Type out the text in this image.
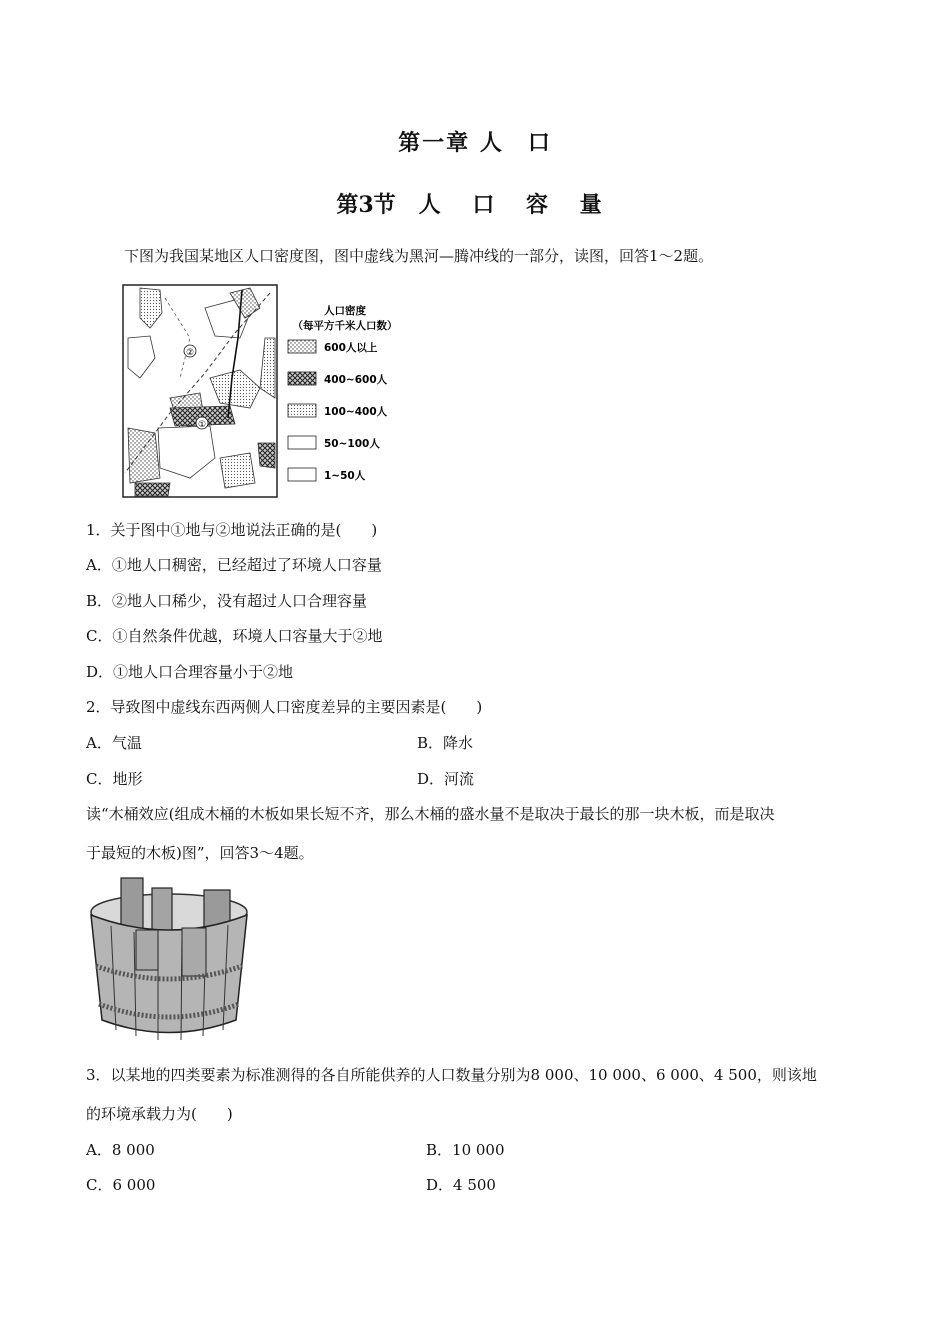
第一章 人　口
第3节 人 口 容 量
下图为我国某地区人口密度图，图中虚线为黑河—腾冲线的一部分，读图，回答1～2题。
①
②
人口密度
（每平方千米人口数）
600人以上
400~600人
100~400人
50~100人
1~50人
1．关于图中①地与②地说法正确的是(　　)
A．①地人口稠密，已经超过了环境人口容量
B．②地人口稀少，没有超过人口合理容量
C．①自然条件优越，环境人口容量大于②地
D．①地人口合理容量小于②地
2．导致图中虚线东西两侧人口密度差异的主要因素是(　　)
A．气温	B．降水
C．地形	D．河流
读“木桶效应(组成木桶的木板如果长短不齐，那么木桶的盛水量不是取决于最长的那一块木板，而是取决
于最短的木板)图”，回答3～4题。
3．以某地的四类要素为标准测得的各自所能供养的人口数量分别为8 000、10 000、6 000、4 500，则该地
的环境承载力为(　　)
A．8 000	B．10 000
C．6 000	D．4 500
